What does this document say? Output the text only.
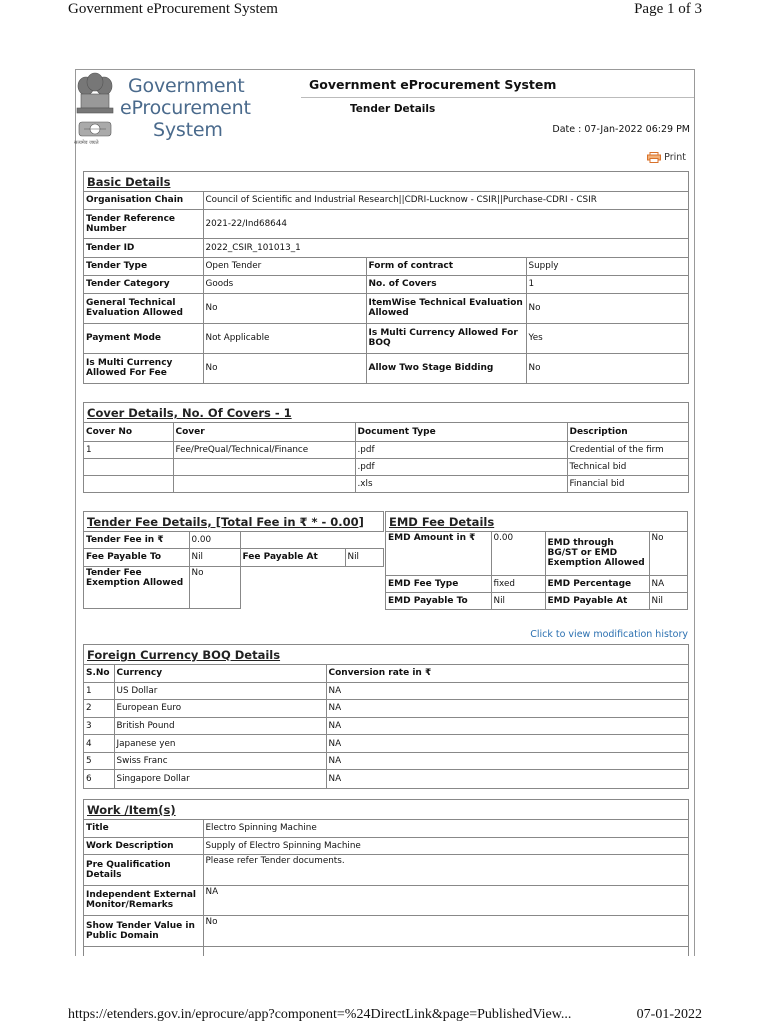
Government eProcurement System	Page 1 of 3
सत्यमेव जयते
Government
eProcurement
System
Government eProcurement System
Tender Details
Date : 07-Jan-2022 06:29 PM
Print
Basic Details
Organisation Chain	Council of Scientific and Industrial Research||CDRI-Lucknow - CSIR||Purchase-CDRI - CSIR		
Tender Reference Number	2021-22/Ind68644		
Tender ID	2022_CSIR_101013_1		
Tender Type	Open Tender	Form of contract	Supply
Tender Category	Goods	No. of Covers	1
General Technical Evaluation Allowed	No	ItemWise Technical Evaluation Allowed	No
Payment Mode	Not Applicable	Is Multi Currency Allowed For BOQ	Yes
Is Multi Currency Allowed For Fee	No	Allow Two Stage Bidding	No
Cover Details, No. Of Covers - 1
Cover No	Cover	Document Type	Description
1	Fee/PreQual/Technical/Finance	.pdf	Credential of the firm
		.pdf	Technical bid
		.xls	Financial bid
Tender Fee Details, [Total Fee in ₹ * - 0.00]
Tender Fee in ₹	0.00		
Fee Payable To	Nil	Fee Payable At	Nil
Tender Fee Exemption Allowed	No		
EMD Fee Details
EMD Amount in ₹	0.00	EMD through BG/ST or EMD Exemption Allowed	No
EMD Fee Type	fixed	EMD Percentage	NA
EMD Payable To	Nil	EMD Payable At	Nil
Click to view modification history
Foreign Currency BOQ Details
S.No	Currency	Conversion rate in ₹
1	US Dollar	NA
2	European Euro	NA
3	British Pound	NA
4	Japanese yen	NA
5	Swiss Franc	NA
6	Singapore Dollar	NA
Work /Item(s)
Title	Electro Spinning Machine
Work Description	Supply of Electro Spinning Machine
Pre Qualification Details	Please refer Tender documents.
Independent External Monitor/Remarks	NA
Show Tender Value in Public Domain	No

https://etenders.gov.in/eprocure/app?component=%24DirectLink&page=PublishedView...	07-01-2022
